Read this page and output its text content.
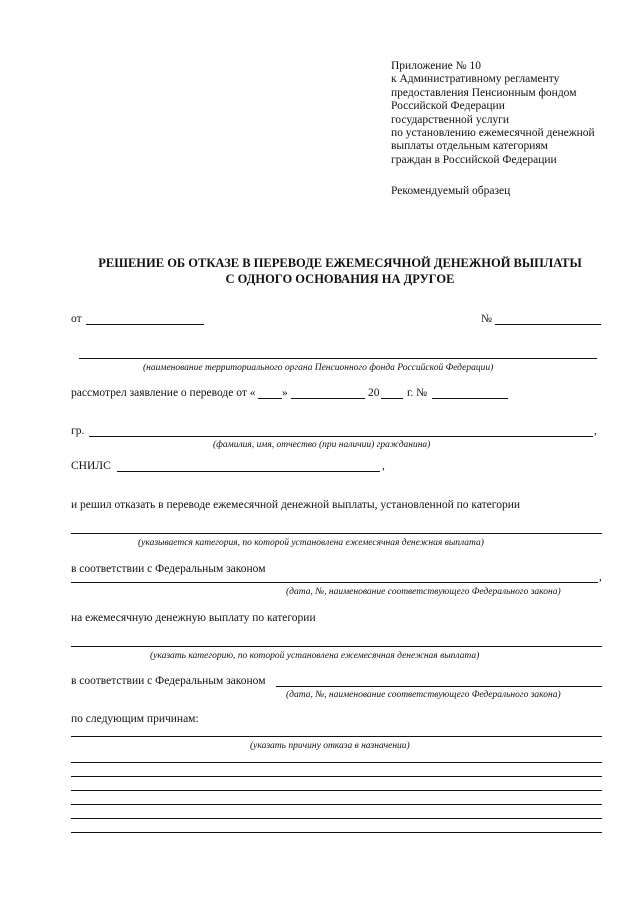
Приложение № 10
к Административному регламенту
предоставления Пенсионным фондом
Российской Федерации
государственной услуги
по установлению ежемесячной денежной
выплаты отдельным категориям
граждан в Российской Федерации
Рекомендуемый образец
РЕШЕНИЕ ОБ ОТКАЗЕ В ПЕРЕВОДЕ ЕЖЕМЕСЯЧНОЙ ДЕНЕЖНОЙ ВЫПЛАТЫ
С ОДНОГО ОСНОВАНИЯ НА ДРУГОЕ
от	№
(наименование территориального органа Пенсионного фонда Российской Федерации)
рассмотрел заявление о переводе от « »	20 г. №
гр.	,
(фамилия, имя, отчество (при наличии) гражданина)
СНИЛС	,
и решил отказать в переводе ежемесячной денежной выплаты, установленной по категории
(указывается категория, по которой установлена ежемесячная денежная выплата)
в соответствии с Федеральным законом
,
(дата, №, наименование соответствующего Федерального закона)
на ежемесячную денежную выплату по категории
(указать категорию, по которой установлена ежемесячная денежная выплата)
в соответствии с Федеральным законом
(дата, №, наименование соответствующего Федерального закона)
по следующим причинам:
(указать причину отказа в назначении)
